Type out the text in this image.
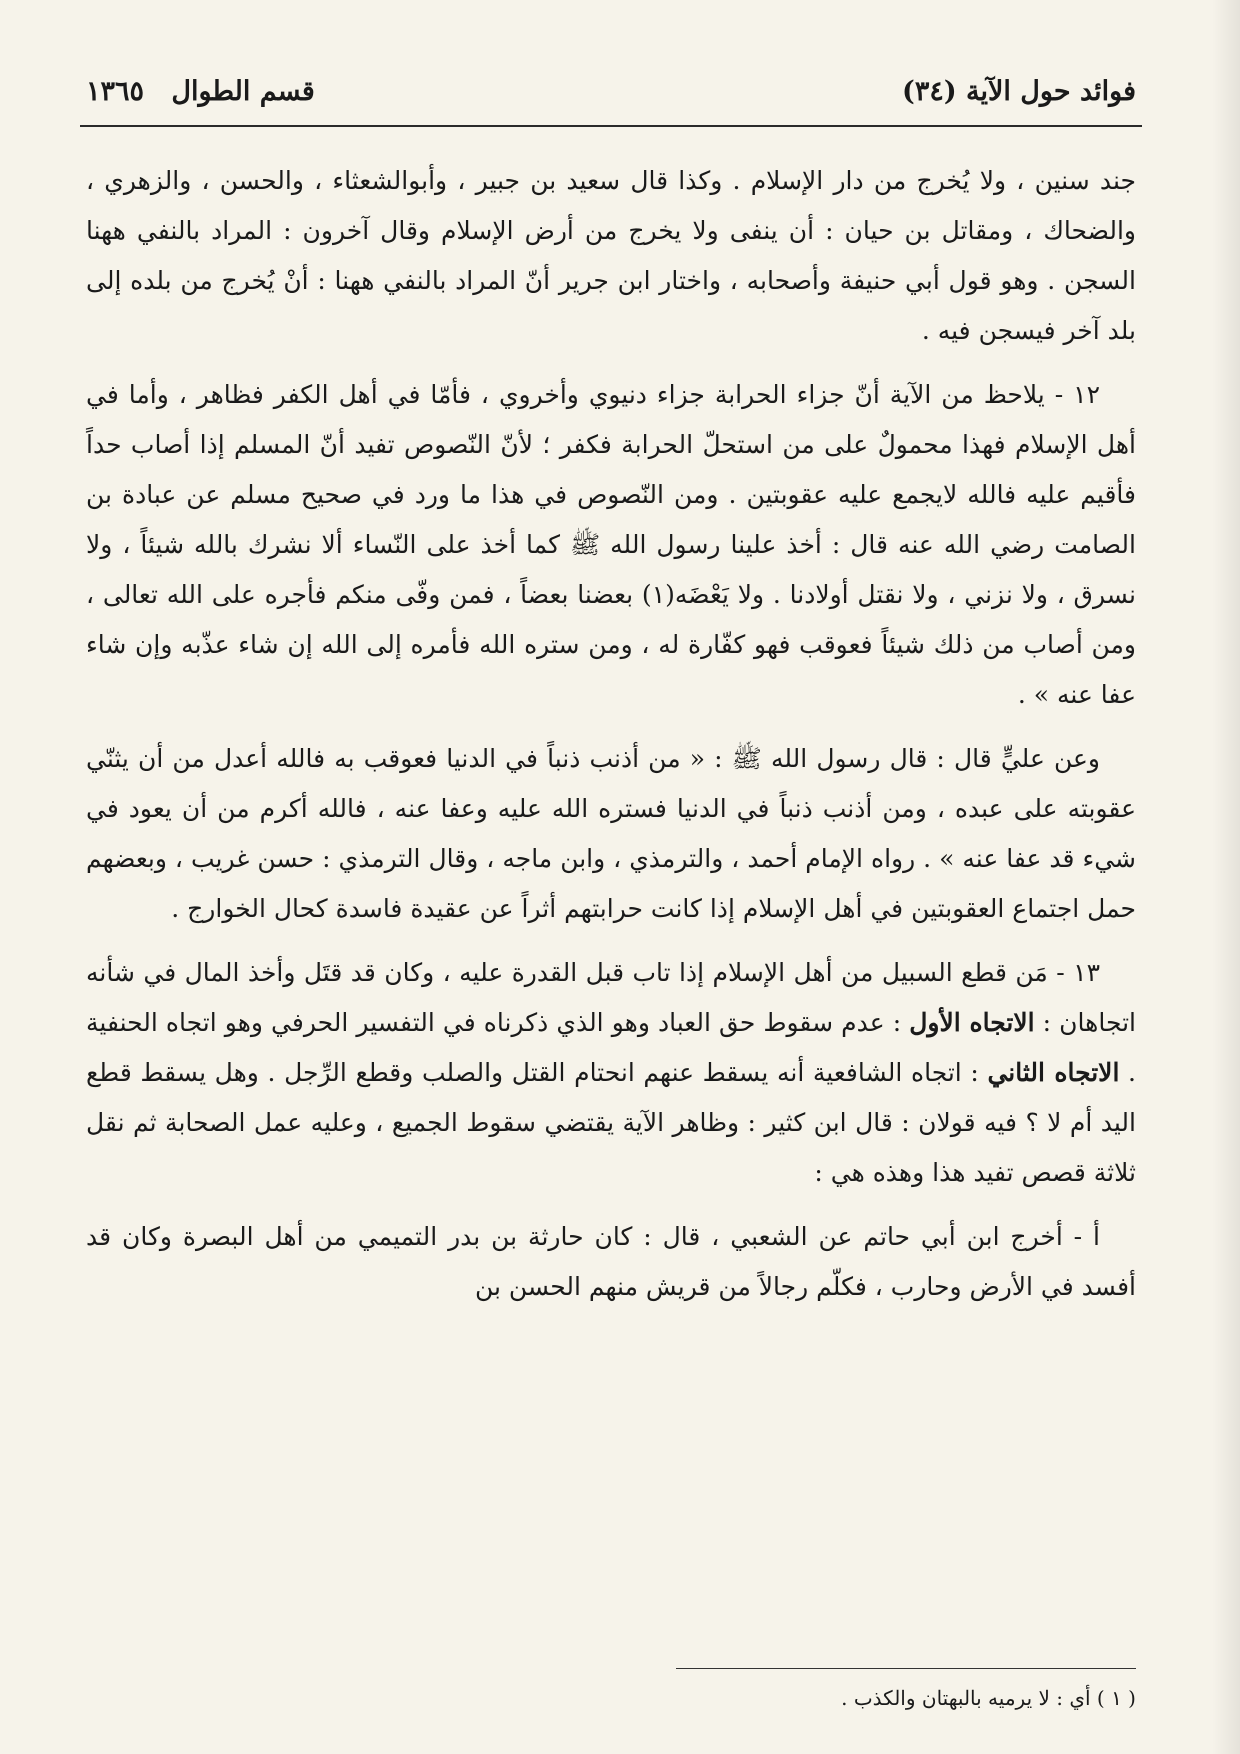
فوائد حول الآية (٣٤)
قسم الطوال ١٣٦٥

جند سنين ، ولا يُخرج من دار الإسلام . وكذا قال سعيد بن جبير ، وأبوالشعثاء ، والحسن ، والزهري ، والضحاك ، ومقاتل بن حيان : أن ينفى ولا يخرج من أرض الإسلام وقال آخرون : المراد بالنفي ههنا السجن . وهو قول أبي حنيفة وأصحابه ، واختار ابن جرير أنّ المراد بالنفي ههنا : أنْ يُخرج من بلده إلى بلد آخر فيسجن فيه .

١٢ - يلاحظ من الآية أنّ جزاء الحرابة جزاء دنيوي وأخروي ، فأمّا في أهل الكفر فظاهر ، وأما في أهل الإسلام فهذا محمولٌ على من استحلّ الحرابة فكفر ؛ لأنّ النّصوص تفيد أنّ المسلم إذا أصاب حداً فأقيم عليه فالله لايجمع عليه عقوبتين . ومن النّصوص في هذا ما ورد في صحيح مسلم عن عبادة بن الصامت رضي الله عنه قال : أخذ علينا رسول الله ﷺ كما أخذ على النّساء ألا نشرك بالله شيئاً ، ولا نسرق ، ولا نزني ، ولا نقتل أولادنا . ولا يَعْضَه(١) بعضنا بعضاً ، فمن وفّى منكم فأجره على الله تعالى ، ومن أصاب من ذلك شيئاً فعوقب فهو كفّارة له ، ومن ستره الله فأمره إلى الله إن شاء عذّبه وإن شاء عفا عنه » .

وعن عليٍّ قال : قال رسول الله ﷺ : « من أذنب ذنباً في الدنيا فعوقب به فالله أعدل من أن يثنّي عقوبته على عبده ، ومن أذنب ذنباً في الدنيا فستره الله عليه وعفا عنه ، فالله أكرم من أن يعود في شيء قد عفا عنه » . رواه الإمام أحمد ، والترمذي ، وابن ماجه ، وقال الترمذي : حسن غريب ، وبعضهم حمل اجتماع العقوبتين في أهل الإسلام إذا كانت حرابتهم أثراً عن عقيدة فاسدة كحال الخوارج .

١٣ - مَن قطع السبيل من أهل الإسلام إذا تاب قبل القدرة عليه ، وكان قد قتَل وأخذ المال في شأنه اتجاهان : الاتجاه الأول : عدم سقوط حق العباد وهو الذي ذكرناه في التفسير الحرفي وهو اتجاه الحنفية . الاتجاه الثاني : اتجاه الشافعية أنه يسقط عنهم انحتام القتل والصلب وقطع الرِّجل . وهل يسقط قطع اليد أم لا ؟ فيه قولان : قال ابن كثير : وظاهر الآية يقتضي سقوط الجميع ، وعليه عمل الصحابة ثم نقل ثلاثة قصص تفيد هذا وهذه هي :

أ - أخرج ابن أبي حاتم عن الشعبي ، قال : كان حارثة بن بدر التميمي من أهل البصرة وكان قد أفسد في الأرض وحارب ، فكلّم رجالاً من قريش منهم الحسن بن

( ١ ) أي : لا يرميه بالبهتان والكذب .
